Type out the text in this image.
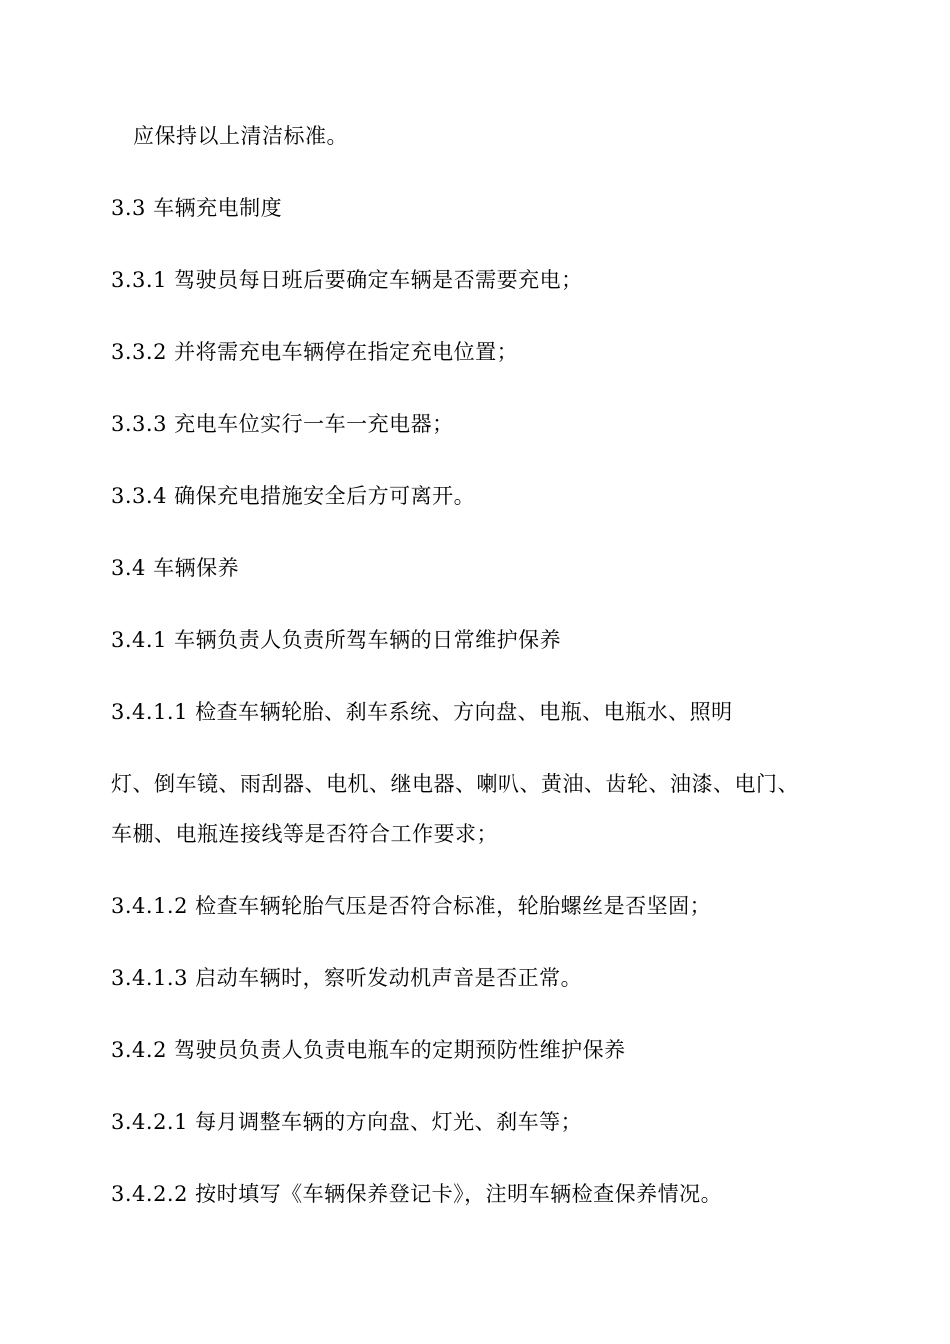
应保持以上清洁标准。
3.3 车辆充电制度
3.3.1 驾驶员每日班后要确定车辆是否需要充电；
3.3.2 并将需充电车辆停在指定充电位置；
3.3.3 充电车位实行一车一充电器；
3.3.4 确保充电措施安全后方可离开。
3.4 车辆保养
3.4.1 车辆负责人负责所驾车辆的日常维护保养
3.4.1.1 检查车辆轮胎、刹车系统、方向盘、电瓶、电瓶水、照明
灯、倒车镜、雨刮器、电机、继电器、喇叭、黄油、齿轮、油漆、电门、
车棚、电瓶连接线等是否符合工作要求；
3.4.1.2 检查车辆轮胎气压是否符合标准，轮胎螺丝是否坚固；
3.4.1.3 启动车辆时，察听发动机声音是否正常。
3.4.2 驾驶员负责人负责电瓶车的定期预防性维护保养
3.4.2.1 每月调整车辆的方向盘、灯光、刹车等；
3.4.2.2 按时填写《车辆保养登记卡》，注明车辆检查保养情况。
